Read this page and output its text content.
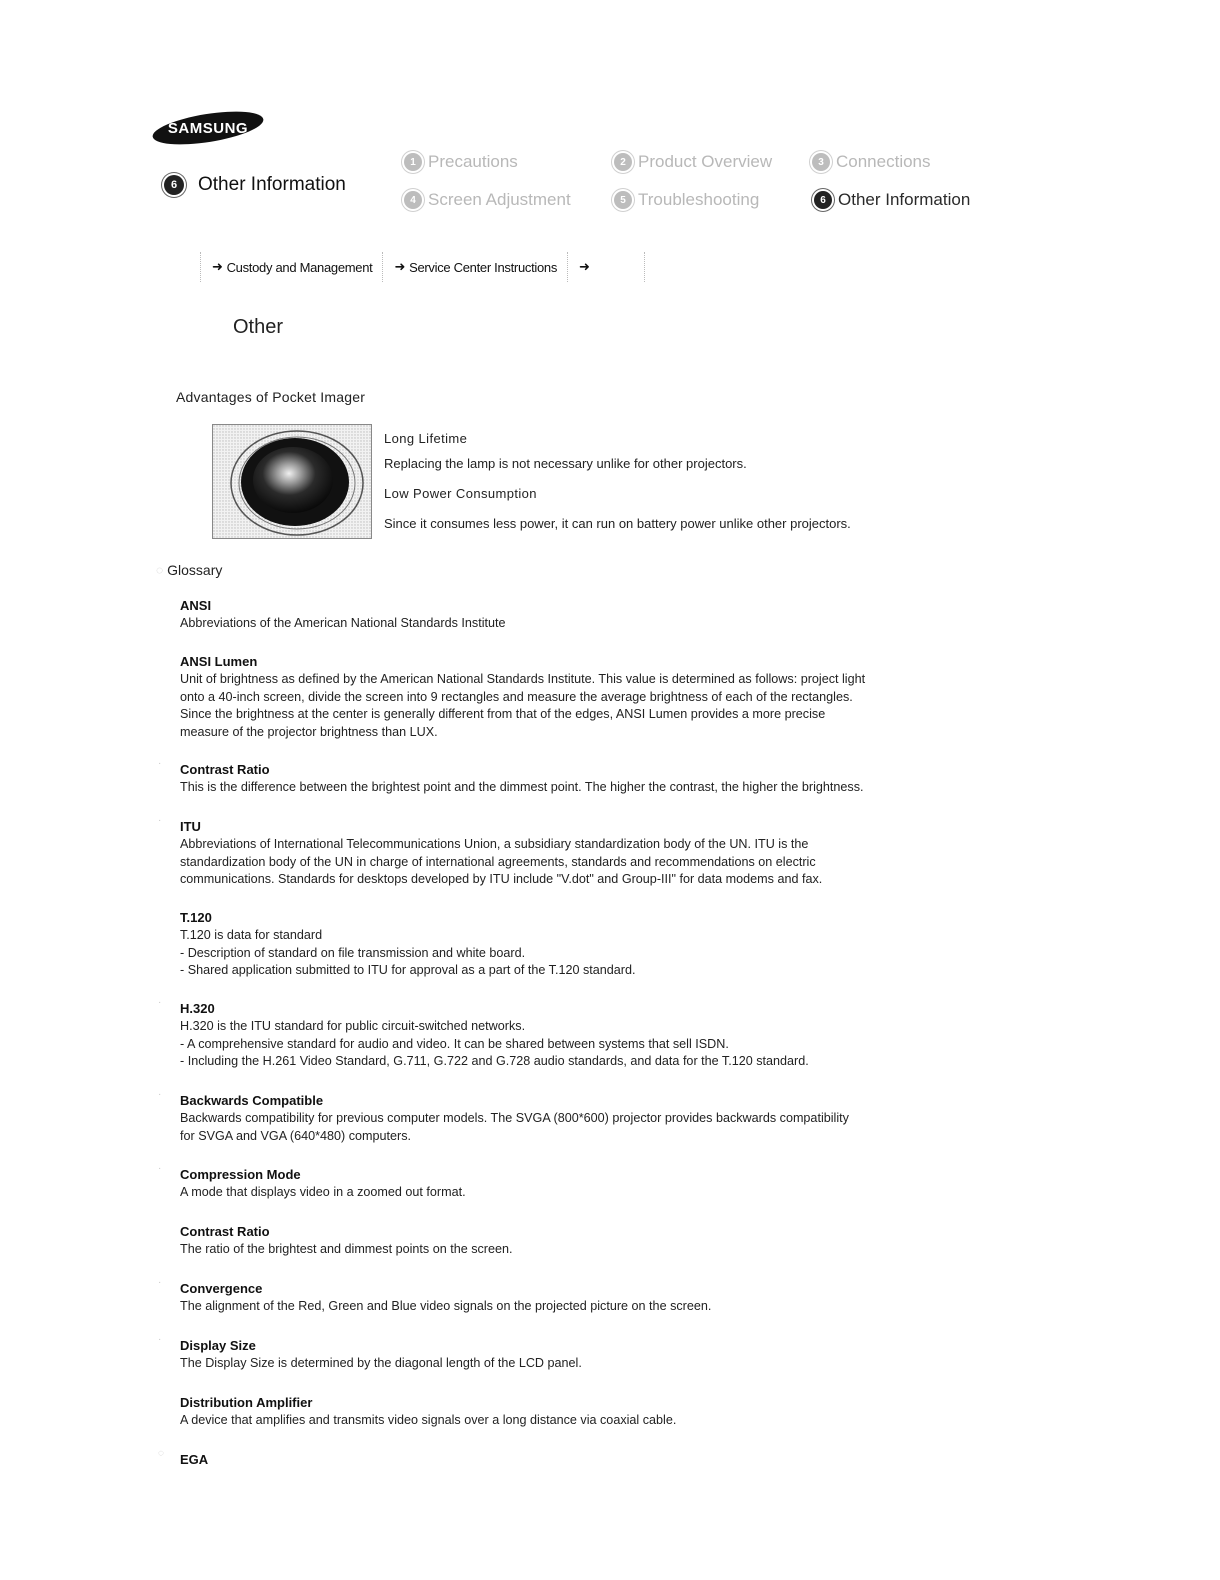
SAMSUNG
6	Other Information
1 Precautions	2 Product Overview	3 Connections
4 Screen Adjustment	5 Troubleshooting	6 Other Information
➜ Custody and Management ➜ Service Center Instructions ➜
Other
Advantages of Pocket Imager
Long Lifetime
Replacing the lamp is not necessary unlike for other projectors.
Low Power Consumption
Since it consumes less power, it can run on battery power unlike other projectors.
◌ Glossary
ANSI
Abbreviations of the American National Standards Institute
ANSI Lumen
Unit of brightness as defined by the American National Standards Institute. This value is determined as follows: project light
onto a 40-inch screen, divide the screen into 9 rectangles and measure the average brightness of each of the rectangles.
Since the brightness at the center is generally different from that of the edges, ANSI Lumen provides a more precise
measure of the projector brightness than LUX.
· Contrast Ratio
This is the difference between the brightest point and the dimmest point. The higher the contrast, the higher the brightness.
· ITU
Abbreviations of International Telecommunications Union, a subsidiary standardization body of the UN. ITU is the
standardization body of the UN in charge of international agreements, standards and recommendations on electric
communications. Standards for desktops developed by ITU include "V.dot" and Group-III" for data modems and fax.
T.120
T.120 is data for standard
- Description of standard on file transmission and white board.
- Shared application submitted to ITU for approval as a part of the T.120 standard.
· H.320
H.320 is the ITU standard for public circuit-switched networks.
- A comprehensive standard for audio and video. It can be shared between systems that sell ISDN.
- Including the H.261 Video Standard, G.711, G.722 and G.728 audio standards, and data for the T.120 standard.
· Backwards Compatible
Backwards compatibility for previous computer models. The SVGA (800*600) projector provides backwards compatibility
for SVGA and VGA (640*480) computers.
· Compression Mode
A mode that displays video in a zoomed out format.
Contrast Ratio
The ratio of the brightest and dimmest points on the screen.
· Convergence
The alignment of the Red, Green and Blue video signals on the projected picture on the screen.
· Display Size
The Display Size is determined by the diagonal length of the LCD panel.
Distribution Amplifier
A device that amplifies and transmits video signals over a long distance via coaxial cable.
◌ EGA
